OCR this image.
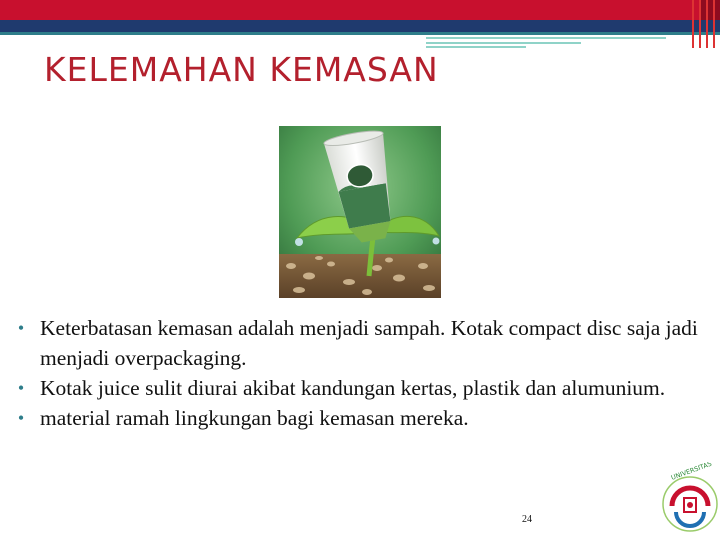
KELEMAHAN KEMASAN
• Keterbatasan kemasan adalah menjadi sampah. Kotak compact disc saja jadi menjadi overpackaging.
• Kotak juice sulit diurai akibat kandungan kertas, plastik dan alumunium.
• material ramah lingkungan bagi kemasan mereka.
24
UNIVERSITAS
